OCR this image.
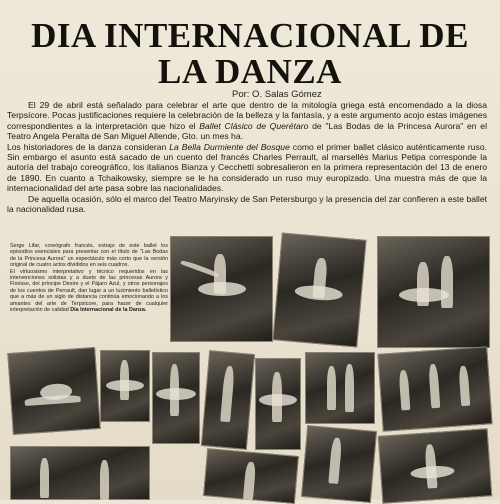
DIA INTERNACIONAL DE
LA DANZA
Por: O. Salas Gómez

El 29 de abril está señalado para celebrar el arte que dentro de la mitología griega está encomendado a la diosa Terpsícore. Pocas justificaciones requiere la celebración de la belleza y la fantasía, y a este argumento acojo estas imágenes correspondientes a la interpretación que hizo el Ballet Clásico de Querétaro de "Las Bodas de la Princesa Aurora" en el Teatro Angela Peralta de San Miguel Allende, Gto. un mes ha.

Los historiadores de la danza consideran La Bella Durmiente del Bosque como el primer ballet clásico auténticamente ruso. Sin embargo el asunto está sacado de un cuento del francés Charles Perrault, al marsellés Marius Petipa corresponde la autoría del trabajo coreográfico, los italianos Bianza y Cecchetti sobresalieron en la primera representación del 13 de enero de 1890. En cuanto a Tchaikowsky, siempre se le ha considerado un ruso muy europizado. Una muestra más de que la internacionalidad del arte pasa sobre las nacionalidades.

De aquella ocasión, sólo el marco del Teatro Maryinsky de San Petersburgo y la presencia del zar confieren a este ballet la nacionalidad rusa.

Serge Lifar, coreógrafo francés, extrajo de este ballet los episodios esenciales para presentar con el título de "Las Bodas de la Princesa Aurora" un espectáculo más corto que la versión original de cuatro actos divididos en seis cuadros.

El virtuosismo interpretativo y técnico requeridos en las intervenciones solistas y a dueto de las princesas Aurora y Florisse, del príncipe Desire y el Pájaro Azul, y otros personajes de los cuentos de Perrault, dan lugar a un lucimiento balletístico que a más de un siglo de distancia continúa emocionando a los amantes del arte de Terpsícore, para hacer de cualquier interpretación de calidad Día Internacional de la Danza.
